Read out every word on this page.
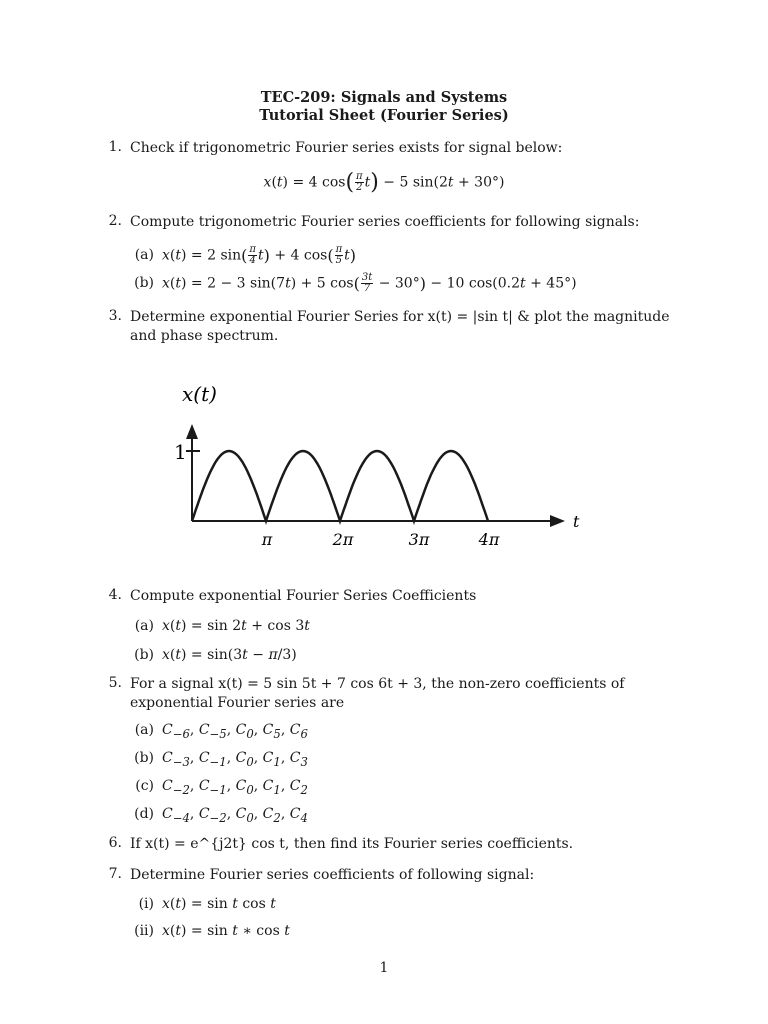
TEC-209: Signals and Systems
Tutorial Sheet (Fourier Series)
1. Check if trigonometric Fourier series exists for signal below:
x(t) = 4 $\cos( \frac{\pi}{2} t) - 5$ sin(2t + 30°)
2. Compute trigonometric Fourier series coefficients for following signals:
(a) x(t) = 2 $\sin( \frac{\pi}{4} t) + 4$ $\cos( \frac{\pi}{5} t)$
(b) x(t) = 2 − 3 sin(7t) + 5 $\cos( \frac{3t}{7} - 30^\circ) - 10$ cos(0.2t + 45°)
3. Determine exponential Fourier Series for x(t) = |sin t| & plot the magnitude and phase spectrum.
x(t)
1
t
π	2π	3π	4π
4. Compute exponential Fourier Series Coefficients
(a) x(t) = sin 2t + cos 3t
(b) x(t) = sin(3t − π/3)
5. For a signal x(t) = 5 sin 5t + 7 cos 6t + 3, the non-zero coefficients of exponential Fourier series are
(a) $C_{-6}$, $C_{-5}$, $C_0$, $C_5$, $C_6$
(b) $C_{-3}$, $C_{-1}$, $C_0$, $C_1$, $C_3$
(c) $C_{-2}$, $C_{-1}$, $C_0$, $C_1$, $C_2$
(d) $C_{-4}$, $C_{-2}$, $C_0$, $C_2$, $C_4$
6. If x(t) = e^{j2t} cos t, then find its Fourier series coefficients.
7. Determine Fourier series coefficients of following signal:
(i) x(t) = sin t cos t
(ii) x(t) = sin t ∗ cos t
1
